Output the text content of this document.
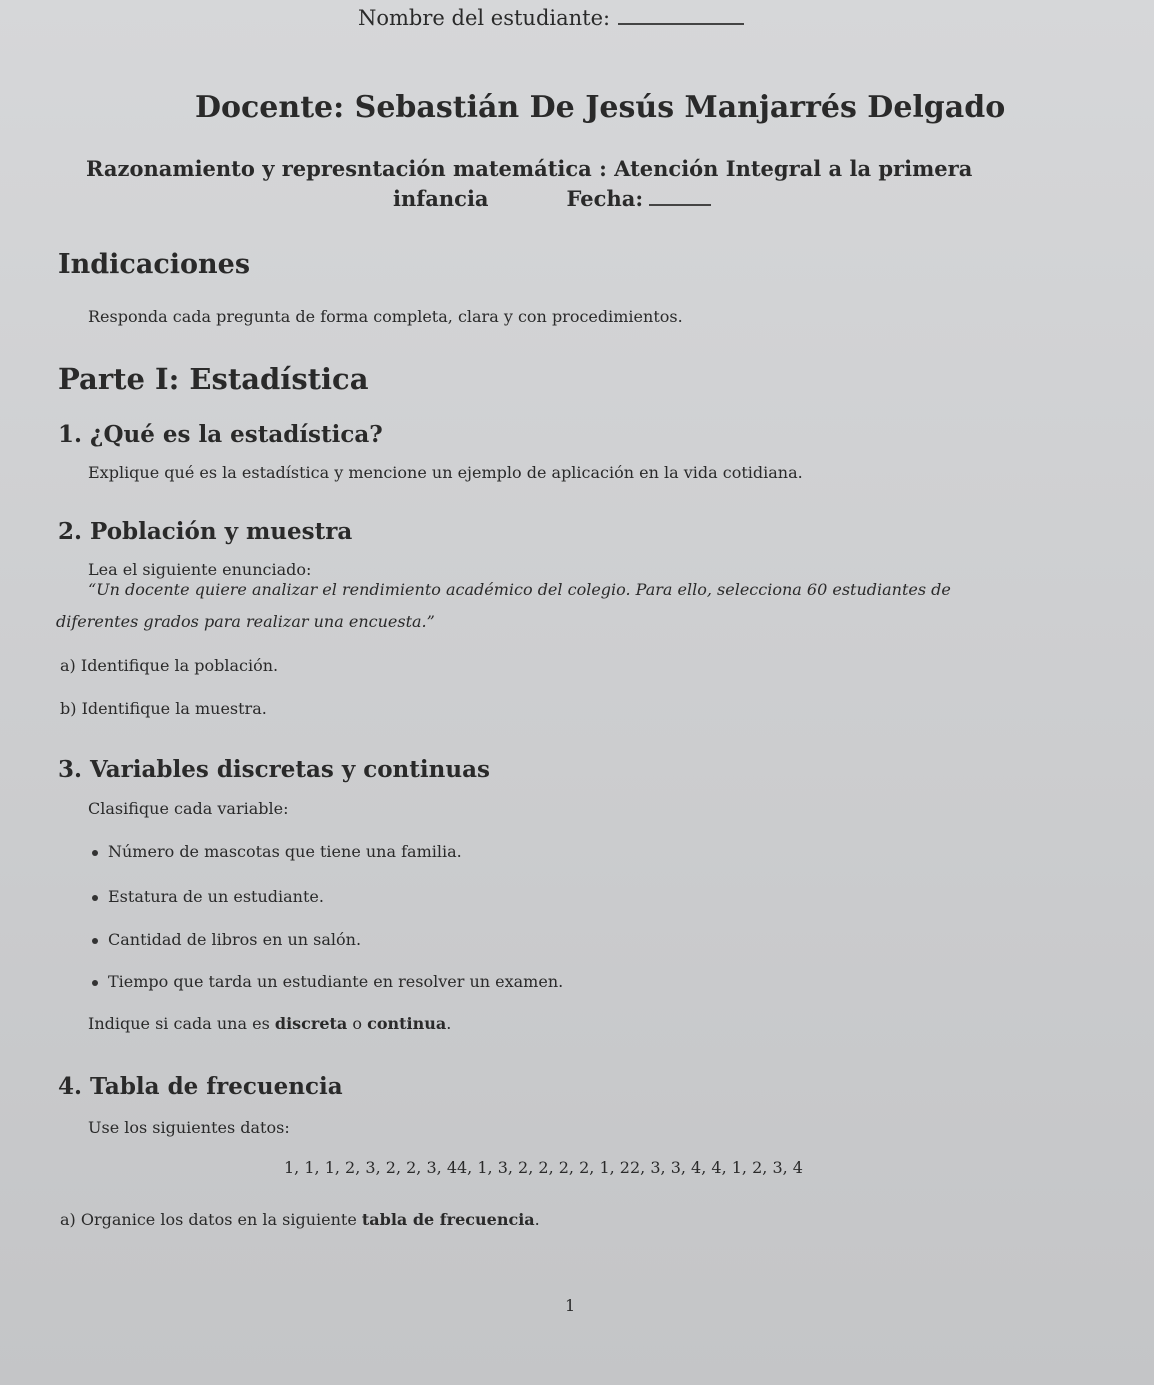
Nombre del estudiante:
Docente: Sebastián De Jesús Manjarrés Delgado
Razonamiento y represntación matemática : Atención Integral a la primera
infancia	Fecha:
Indicaciones
Responda cada pregunta de forma completa, clara y con procedimientos.
Parte I: Estadística
1. ¿Qué es la estadística?
Explique qué es la estadística y mencione un ejemplo de aplicación en la vida cotidiana.
2. Población y muestra
Lea el siguiente enunciado:
“Un docente quiere analizar el rendimiento académico del colegio. Para ello, selecciona 60 estudiantes de
diferentes grados para realizar una encuesta.”
a) Identifique la población.
b) Identifique la muestra.
3. Variables discretas y continuas
Clasifique cada variable:
Número de mascotas que tiene una familia.
Estatura de un estudiante.
Cantidad de libros en un salón.
Tiempo que tarda un estudiante en resolver un examen.
Indique si cada una es discreta o continua.
4. Tabla de frecuencia
Use los siguientes datos:
1, 1, 1, 2, 3, 2, 2, 3, 44, 1, 3, 2, 2, 2, 2, 1, 22, 3, 3, 4, 4, 1, 2, 3, 4
a) Organice los datos en la siguiente tabla de frecuencia.
1
